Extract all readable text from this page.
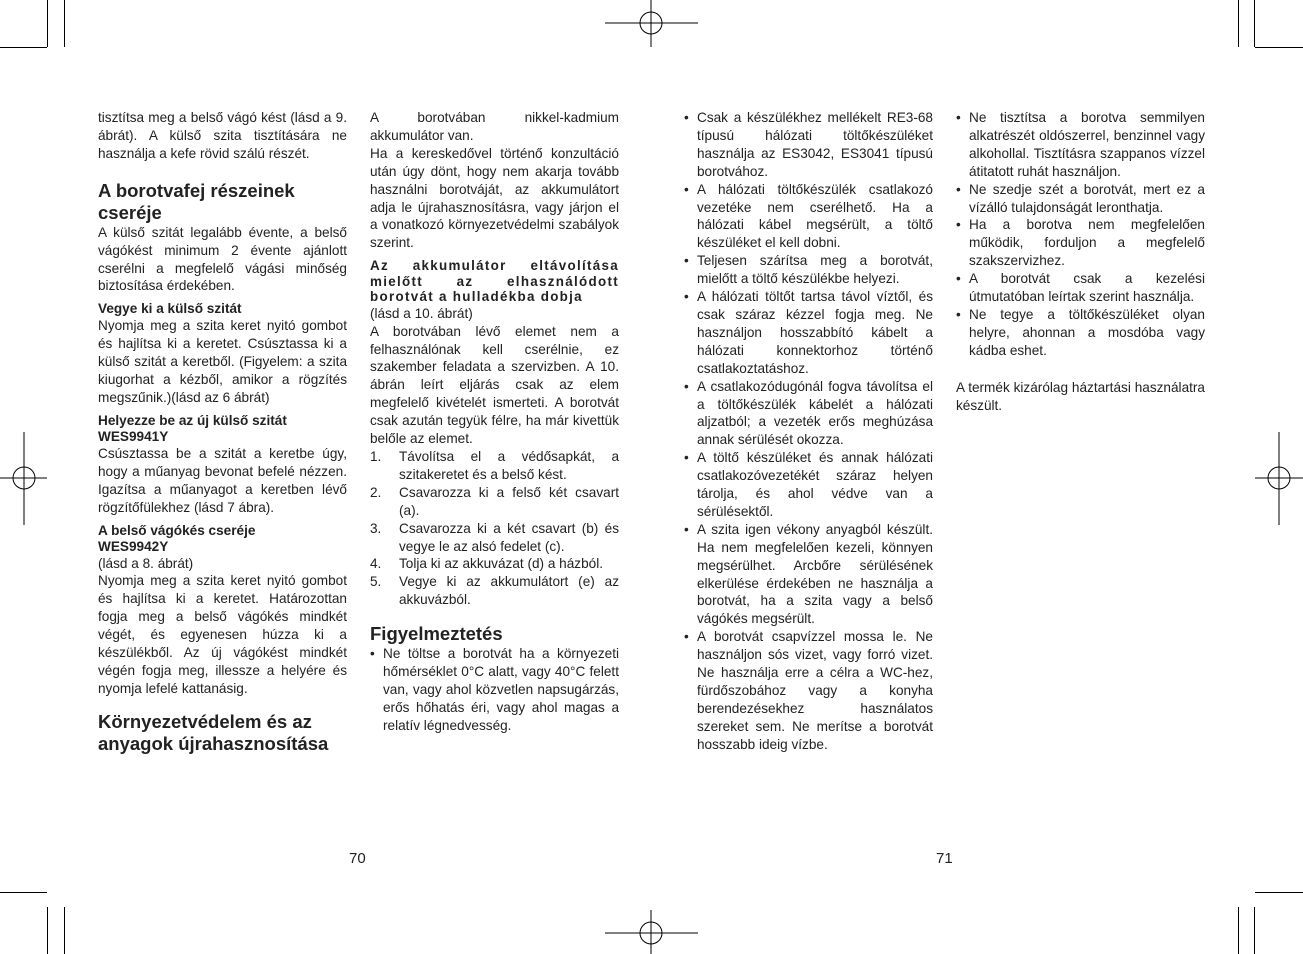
tisztítsa meg a belső vágó kést (lásd a 9. ábrát). A külső szita tisztítására ne használja a kefe rövid szálú részét.

A borotvafej részeinek cseréje

A külső szitát legalább évente, a belső vágókést minimum 2 évente ajánlott cserélni a megfelelő vágási minőség biztosítása érdekében.

Vegye ki a külső szitát

Nyomja meg a szita keret nyitó gombot és hajlítsa ki a keretet. Csúsztassa ki a külső szitát a keretből. (Figyelem: a szita kiugorhat a kézből, amikor a rögzítés megszűnik.)(lásd az 6 ábrát)

Helyezze be az új külső szitát WES9941Y

Csúsztassa be a szitát a keretbe úgy, hogy a műanyag bevonat befelé nézzen. Igazítsa a műanyagot a keretben lévő rögzítőfülekhez (lásd 7 ábra).

A belső vágókés cseréje WES9942Y

(lásd a 8. ábrát)

Nyomja meg a szita keret nyitó gombot és hajlítsa ki a keretet. Határozottan fogja meg a belső vágókés mindkét végét, és egyenesen húzza ki a készülékből. Az új vágókést mindkét végén fogja meg, illessze a helyére és nyomja lefelé kattanásig.

Környezetvédelem és az anyagok újrahasznosítása

A borotvában nikkel-kadmium akkumulátor van.

Ha a kereskedővel történő konzultáció után úgy dönt, hogy nem akarja tovább használni borotváját, az akkumulátort adja le újrahasznosításra, vagy járjon el a vonatkozó környezetvédelmi szabályok szerint.

Az akkumulátor eltávolítása mielőtt az elhasználódott borotvát a hulladékba dobja

(lásd a 10. ábrát)

A borotvában lévő elemet nem a felhasználónak kell cserélnie, ez szakember feladata a szervizben. A 10. ábrán leírt eljárás csak az elem megfelelő kivételét ismerteti. A borotvát csak azután tegyük félre, ha már kivettük belőle az elemet.

1. Távolítsa el a védősapkát, a szitakeretet és a belső kést.
2. Csavarozza ki a felső két csavart (a).
3. Csavarozza ki a két csavart (b) és vegye le az alsó fedelet (c).
4. Tolja ki az akkuvázat (d) a házból.
5. Vegye ki az akkumulátort (e) az akkuvázból.

Figyelmeztetés

• Ne töltse a borotvát ha a környezeti hőmérséklet 0°C alatt, vagy 40°C felett van, vagy ahol közvetlen napsugárzás, erős hőhatás éri, vagy ahol magas a relatív légnedvesség.
• Csak a készülékhez mellékelt RE3-68 típusú hálózati töltőkészüléket használja az ES3042, ES3041 típusú borotvához.
• A hálózati töltőkészülék csatlakozó vezetéke nem cserélhető. Ha a hálózati kábel megsérült, a töltő készüléket el kell dobni.
• Teljesen szárítsa meg a borotvát, mielőtt a töltő készülékbe helyezi.
• A hálózati töltőt tartsa távol víztől, és csak száraz kézzel fogja meg. Ne használjon hosszabbító kábelt a hálózati konnektorhoz történő csatlakoztatáshoz.
• A csatlakozódugónál fogva távolítsa el a töltőkészülék kábelét a hálózati aljzatból; a vezeték erős meghúzása annak sérülését okozza.
• A töltő készüléket és annak hálózati csatlakozóvezetékét száraz helyen tárolja, és ahol védve van a sérülésektől.
• A szita igen vékony anyagból készült. Ha nem megfelelően kezeli, könnyen megsérülhet. Arcbőre sérülésének elkerülése érdekében ne használja a borotvát, ha a szita vagy a belső vágókés megsérült.
• A borotvát csapvízzel mossa le. Ne használjon sós vizet, vagy forró vizet. Ne használja erre a célra a WC-hez, fürdőszobához vagy a konyha berendezésekhez használatos szereket sem. Ne merítse a borotvát hosszabb ideig vízbe.
• Ne tisztítsa a borotva semmilyen alkatrészét oldószerrel, benzinnel vagy alkohollal. Tisztításra szappanos vízzel átitatott ruhát használjon.
• Ne szedje szét a borotvát, mert ez a vízálló tulajdonságát leronthatja.
• Ha a borotva nem megfelelően működik, forduljon a megfelelő szakszervizhez.
• A borotvát csak a kezelési útmutatóban leírtak szerint használja.
• Ne tegye a töltőkészüléket olyan helyre, ahonnan a mosdóba vagy kádba eshet.

A termék kizárólag háztartási használatra készült.

70	71
